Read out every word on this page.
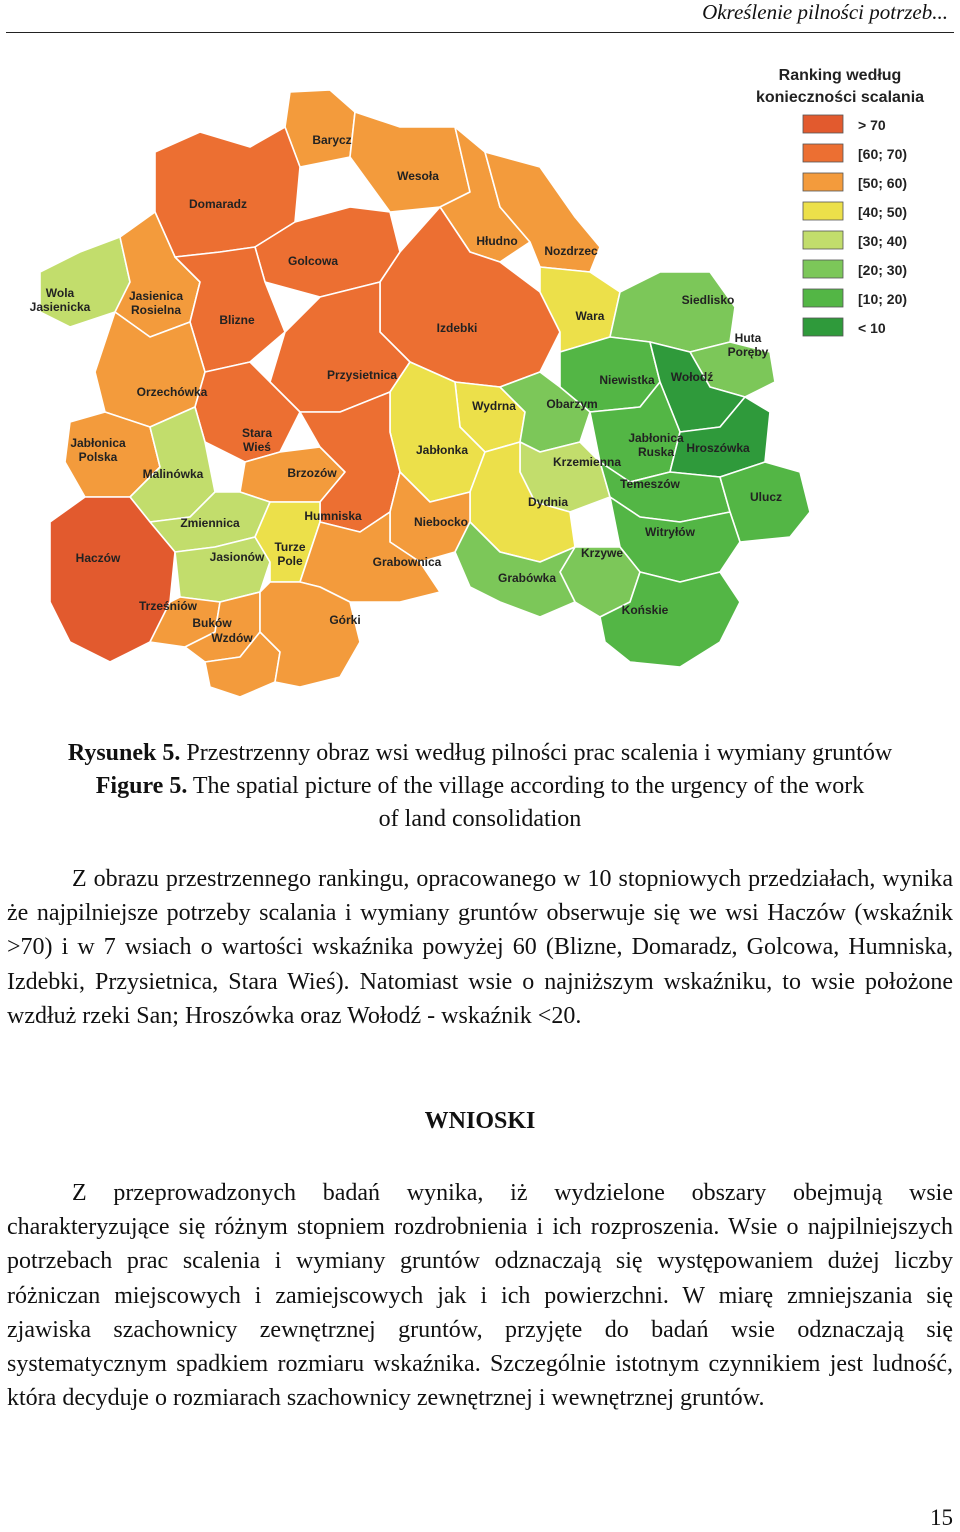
Określenie pilności potrzeb...
Barycz
Wesoła
Domaradz
Hłudno
Nozdrzec
Golcowa
Wola Jasienicka
Jasienica Rosielna
Blizne
Izdebki
Wara
Siedlisko
Huta Poręby
Orzechówka
Przysietnica	Niewistka Wołodź
Wydrna	Obarzym
Jabłonica Polska
Stara Wieś	Jabłonka
Jabłonica Ruska	Hroszówka
Malinówka	Brzozów
Krzemienna
Temeszów
Dydnia	Ulucz
Humniska	Niebocko
Zmiennica
Haczów
Witryłów
Jasionów
Turze Pole	Grabownica
Krzywe
Grabówka
Trześniów
Buków
Wzdów
Górki
Końskie
Ranking według
konieczności scalania
> 70
[60; 70)
[50; 60)
[40; 50)
[30; 40)
[20; 30)
[10; 20)
< 10
Rysunek 5. Przestrzenny obraz wsi według pilności prac scalenia i wymiany gruntów
Figure 5. The spatial picture of the village according to the urgency of the work
of land consolidation

Z obrazu przestrzennego rankingu, opracowanego w 10 stopniowych przedziałach, wynika że najpilniejsze potrzeby scalania i wymiany gruntów obserwuje się we wsi Haczów (wskaźnik >70) i w 7 wsiach o wartości wskaźnika powyżej 60 (Blizne, Domaradz, Golcowa, Humniska, Izdebki, Przysietnica, Stara Wieś). Natomiast wsie o najniższym wskaźniku, to wsie położone wzdłuż rzeki San; Hroszówka oraz Wołodź - wskaźnik <20.

WNIOSKI

Z przeprowadzonych badań wynika, iż wydzielone obszary obejmują wsie charakteryzujące się różnym stopniem rozdrobnienia i ich rozproszenia. Wsie o najpilniejszych potrzebach prac scalenia i wymiany gruntów odznaczają się występowaniem dużej liczby różniczan miejscowych i zamiejscowych jak i ich powierzchni. W miarę zmniejszania się zjawiska szachownicy zewnętrznej gruntów, przyjęte do badań wsie odznaczają się systematycznym spadkiem rozmiaru wskaźnika. Szczególnie istotnym czynnikiem jest ludność, która decyduje o rozmiarach szachownicy zewnętrznej i wewnętrznej gruntów.

15
